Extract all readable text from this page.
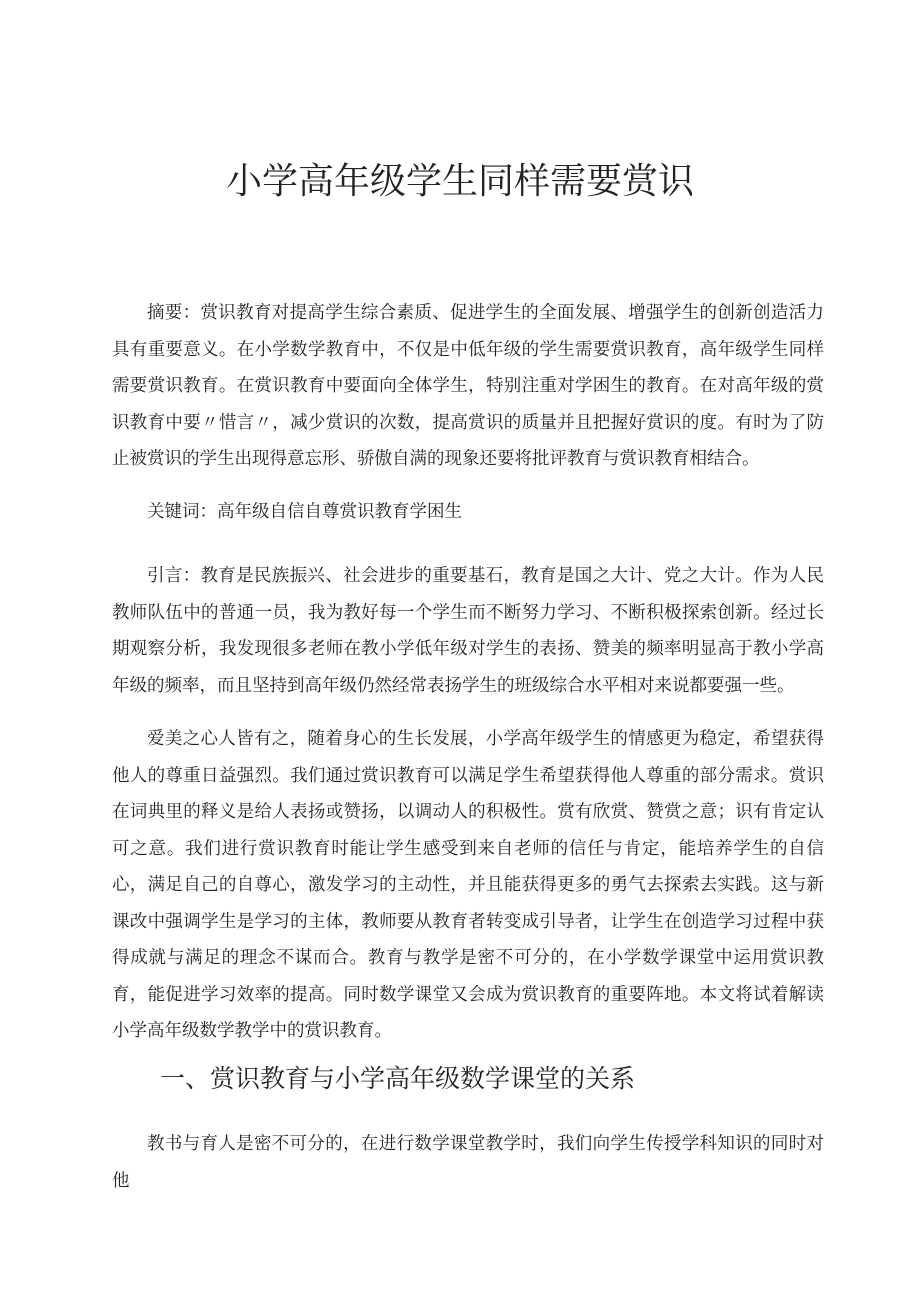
小学高年级学生同样需要赏识

摘要：赏识教育对提高学生综合素质、促进学生的全面发展、增强学生的创新创造活力具有重要意义。在小学数学教育中，不仅是中低年级的学生需要赏识教育，高年级学生同样需要赏识教育。在赏识教育中要面向全体学生，特别注重对学困生的教育。在对高年级的赏识教育中要〃惜言〃，减少赏识的次数，提高赏识的质量并且把握好赏识的度。有时为了防止被赏识的学生出现得意忘形、骄傲自满的现象还要将批评教育与赏识教育相结合。

关键词：高年级自信自尊赏识教育学困生

引言：教育是民族振兴、社会进步的重要基石，教育是国之大计、党之大计。作为人民教师队伍中的普通一员，我为教好每一个学生而不断努力学习、不断积极探索创新。经过长期观察分析，我发现很多老师在教小学低年级对学生的表扬、赞美的频率明显高于教小学高年级的频率，而且坚持到高年级仍然经常表扬学生的班级综合水平相对来说都要强一些。

爱美之心人皆有之，随着身心的生长发展，小学高年级学生的情感更为稳定，希望获得他人的尊重日益强烈。我们通过赏识教育可以满足学生希望获得他人尊重的部分需求。赏识在词典里的释义是给人表扬或赞扬，以调动人的积极性。赏有欣赏、赞赏之意；识有肯定认可之意。我们进行赏识教育时能让学生感受到来自老师的信任与肯定，能培养学生的自信心，满足自己的自尊心，激发学习的主动性，并且能获得更多的勇气去探索去实践。这与新课改中强调学生是学习的主体，教师要从教育者转变成引导者，让学生在创造学习过程中获得成就与满足的理念不谋而合。教育与教学是密不可分的，在小学数学课堂中运用赏识教育，能促进学习效率的提高。同时数学课堂又会成为赏识教育的重要阵地。本文将试着解读小学高年级数学教学中的赏识教育。

一、赏识教育与小学高年级数学课堂的关系

教书与育人是密不可分的，在进行数学课堂教学时，我们向学生传授学科知识的同时对他
